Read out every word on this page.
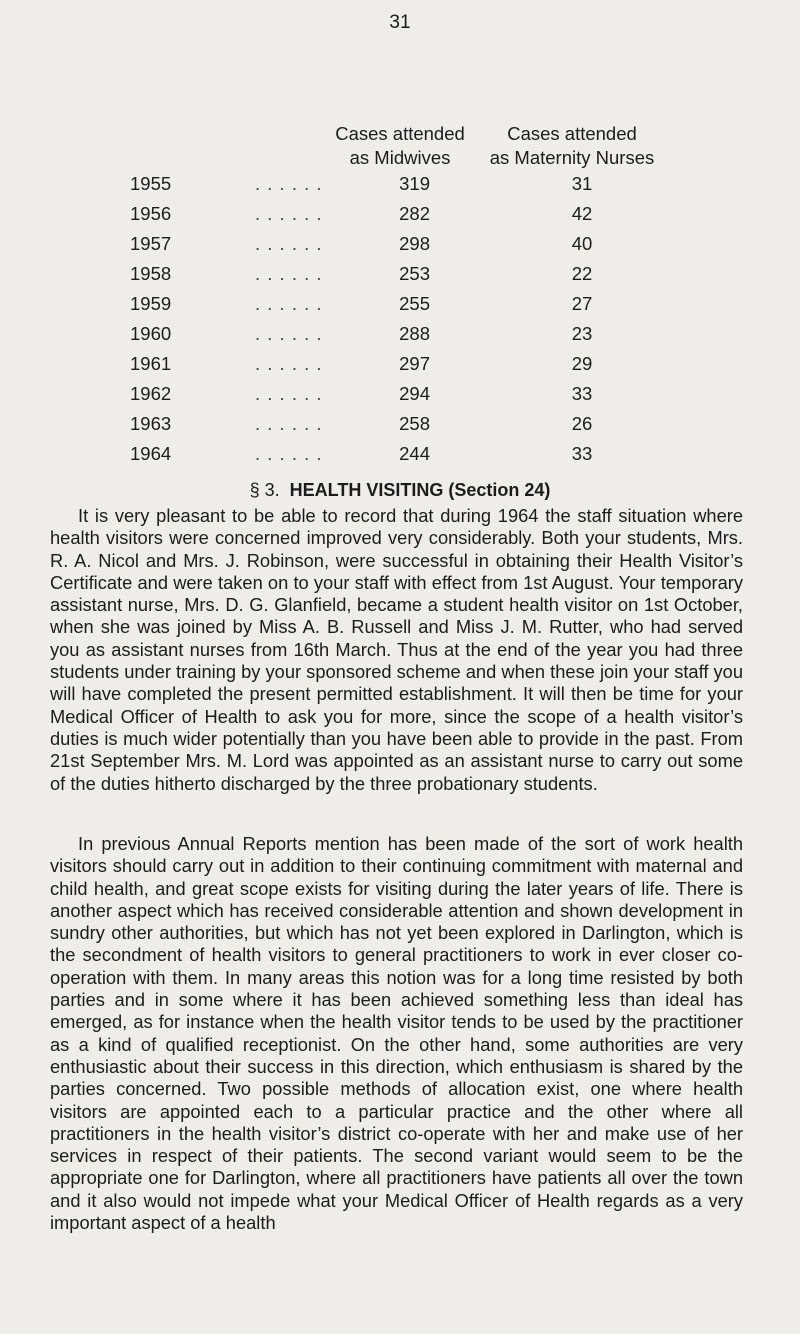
31
Cases attended
as Midwives
Cases attended
as Maternity Nurses
1955	. . . . . .	319	31
1956	. . . . . .	282	42
1957	. . . . . .	298	40
1958	. . . . . .	253	22
1959	. . . . . .	255	27
1960	. . . . . .	288	23
1961	. . . . . .	297	29
1962	. . . . . .	294	33
1963	. . . . . .	258	26
1964	. . . . . .	244	33
§ 3. HEALTH VISITING (Section 24)

It is very pleasant to be able to record that during 1964 the staff situation where health visitors were concerned improved very considerably. Both your students, Mrs. R. A. Nicol and Mrs. J. Robinson, were successful in obtaining their Health Visitor’s Certificate and were taken on to your staff with effect from 1st August. Your temporary assistant nurse, Mrs. D. G. Glanfield, became a student health visitor on 1st October, when she was joined by Miss A. B. Russell and Miss J. M. Rutter, who had served you as assistant nurses from 16th March. Thus at the end of the year you had three students under training by your sponsored scheme and when these join your staff you will have completed the present permitted establishment. It will then be time for your Medical Officer of Health to ask you for more, since the scope of a health visitor’s duties is much wider potentially than you have been able to provide in the past. From 21st September Mrs. M. Lord was appointed as an assistant nurse to carry out some of the duties hitherto discharged by the three probationary students.

In previous Annual Reports mention has been made of the sort of work health visitors should carry out in addition to their continuing commitment with maternal and child health, and great scope exists for visiting during the later years of life. There is another aspect which has received considerable attention and shown development in sundry other authorities, but which has not yet been explored in Darlington, which is the secondment of health visitors to general practitioners to work in ever closer co-operation with them. In many areas this notion was for a long time resisted by both parties and in some where it has been achieved something less than ideal has emerged, as for instance when the health visitor tends to be used by the practitioner as a kind of qualified receptionist. On the other hand, some authorities are very enthusiastic about their success in this direction, which enthusiasm is shared by the parties concerned. Two possible methods of allocation exist, one where health visitors are appointed each to a particular practice and the other where all practitioners in the health visitor’s district co-operate with her and make use of her services in respect of their patients. The second variant would seem to be the appropriate one for Darlington, where all practitioners have patients all over the town and it also would not impede what your Medical Officer of Health regards as a very important aspect of a health
